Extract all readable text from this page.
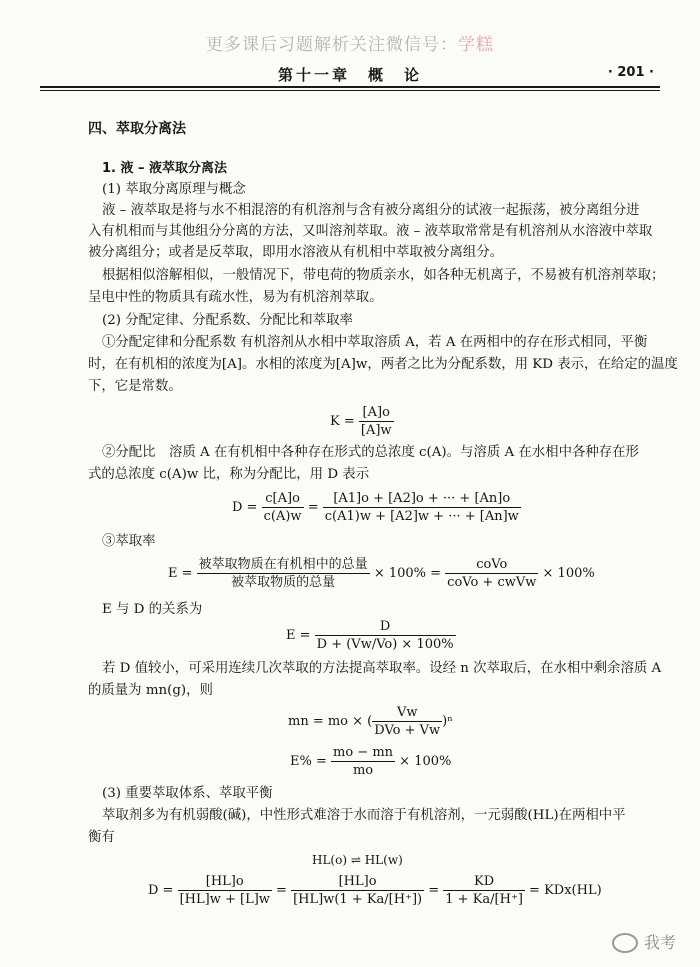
更多课后习题解析关注微信号：学糕
第十一章　概　论	· 201 ·
四、萃取分离法
1. 液 – 液萃取分离法
(1) 萃取分离原理与概念
液 – 液萃取是将与水不相混溶的有机溶剂与含有被分离组分的试液一起振荡，被分离组分进
入有机相而与其他组分分离的方法，又叫溶剂萃取。液 – 液萃取常常是有机溶剂从水溶液中萃取
被分离组分；或者是反萃取，即用水溶液从有机相中萃取被分离组分。
根据相似溶解相似，一般情况下，带电荷的物质亲水，如各种无机离子，不易被有机溶剂萃取；
呈电中性的物质具有疏水性，易为有机溶剂萃取。
(2) 分配定律、分配系数、分配比和萃取率
①分配定律和分配系数 有机溶剂从水相中萃取溶质 A，若 A 在两相中的存在形式相同，平衡
时，在有机相的浓度为[A]。水相的浓度为[A]w，两者之比为分配系数，用 KD 表示，在给定的温度
下，它是常数。
$K = \frac{[A]o}{[A]w}$
②分配比　溶质 A 在有机相中各种存在形式的总浓度 c(A)。与溶质 A 在水相中各种存在形
式的总浓度 c(A)w 比，称为分配比，用 D 表示
$D = \frac{c[A]o}{c(A)w} = \frac{[A1]o + [A2]o + \cdot\cdot\cdot + [An]o}{c(A1)w + [A2]w + \cdot\cdot\cdot + [An]w}$
③萃取率
$E = \frac{\text{被萃取物质在有机相中的总量}}{\text{被萃取物质的总量}} \times 100\% = \frac{\text{coVo}}{\text{coVo + cwVw}} \times 100\%$
E 与 D 的关系为
$E = \frac{D}{D + (Vw/Vo) \times 100\%}$
若 D 值较小，可采用连续几次萃取的方法提高萃取率。设经 n 次萃取后，在水相中剩余溶质 A
的质量为 mn(g)，则
mn = mo × ( $\frac{Vw}{\text{DVo + Vw}} )^n$
$E\% = \frac{mo - mn}{mo} \times 100\%$
(3) 重要萃取体系、萃取平衡
萃取剂多为有机弱酸(碱)，中性形式难溶于水而溶于有机溶剂，一元弱酸(HL)在两相中平
衡有
HL(o) ⇌ HL(w)
$D = \frac{[HL]o}{[HL]w + [L]w} = \frac{[HL]o}{[HL]w(1 + Ka/[H^+])} = \frac{KD}{1 + Ka/[H^+]} = KDx(HL)$
我考
